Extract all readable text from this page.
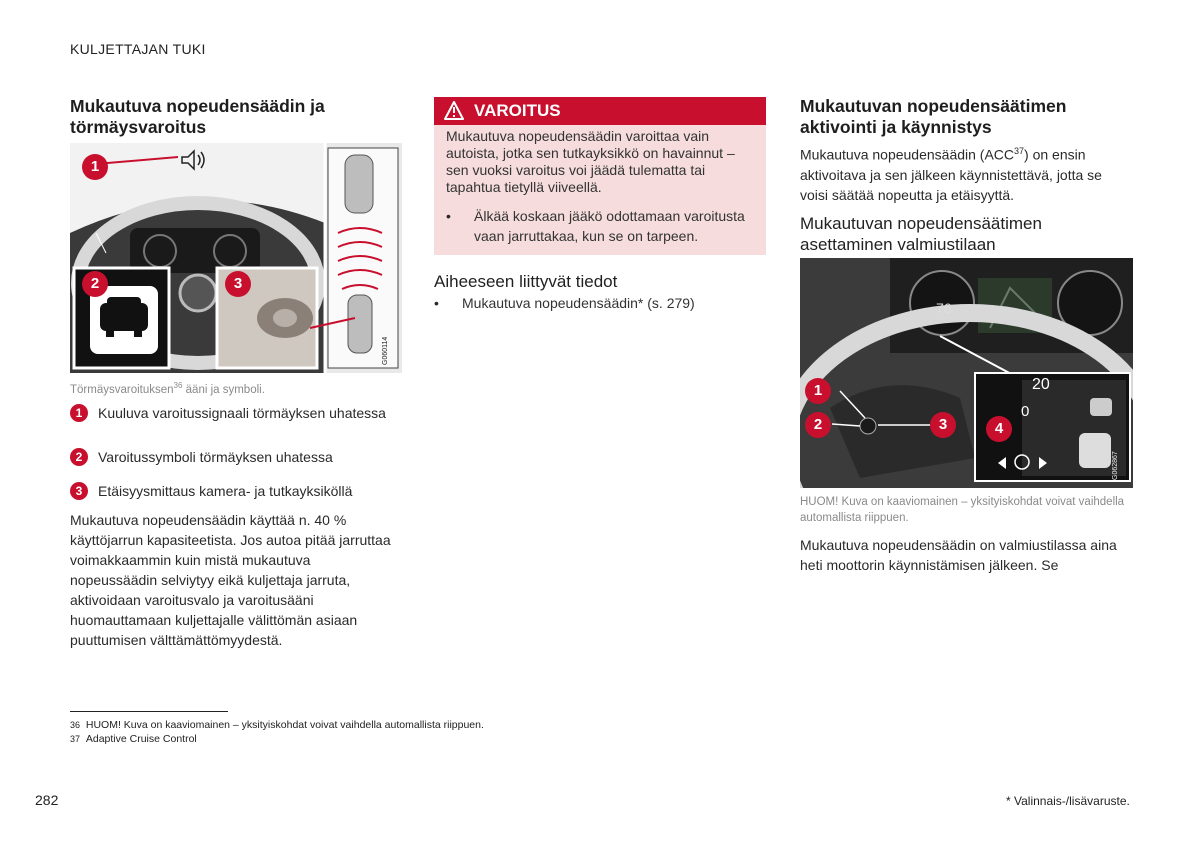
KULJETTAJAN TUKI
Mukautuva nopeudensäädin ja törmäysvaroitus
1
2	3
G060114
Törmäysvaroituksen$^{36}$ ääni ja symboli.
1	Kuuluva varoitussignaali törmäyksen uhatessa
2	Varoitussymboli törmäyksen uhatessa
3	Etäisyysmittaus kamera- ja tutkayksiköllä
Mukautuva nopeudensäädin käyttää n. 40 % käyttöjarrun kapasiteetista. Jos autoa pitää jarruttaa voimakkaammin kuin mistä mukautuva nopeussäädin selviytyy eikä kuljettaja jarruta, aktivoidaan varoitusvalo ja varoitusääni huomauttamaan kuljettajalle välittömän asiaan puuttumisen välttämättömyydestä.
VAROITUS
Mukautuva nopeudensäädin varoittaa vain autoista, jotka sen tutkayksikkö on havainnut – sen vuoksi varoitus voi jäädä tulematta tai tapahtua tietyllä viiveellä.
• Älkää koskaan jääkö odottamaan varoitusta vaan jarruttakaa, kun se on tarpeen.
Aiheeseen liittyvät tiedot
• Mukautuva nopeudensäädin* (s. 279)
Mukautuvan nopeudensäätimen aktivointi ja käynnistys
Mukautuva nopeudensäädin (ACC$^{37}$) on ensin aktivoitava ja sen jälkeen käynnistettävä, jotta se voisi säätää nopeutta ja etäisyyttä.
Mukautuvan nopeudensäätimen asettaminen valmiustilaan
76
20
0
1
2	3	4
G062867
HUOM! Kuva on kaaviomainen – yksityiskohdat voivat vaihdella automallista riippuen.
Mukautuva nopeudensäädin on valmiustilassa aina heti moottorin käynnistämisen jälkeen. Se
36 HUOM! Kuva on kaaviomainen – yksityiskohdat voivat vaihdella automallista riippuen.
37 Adaptive Cruise Control
282	* Valinnais-/lisävaruste.
